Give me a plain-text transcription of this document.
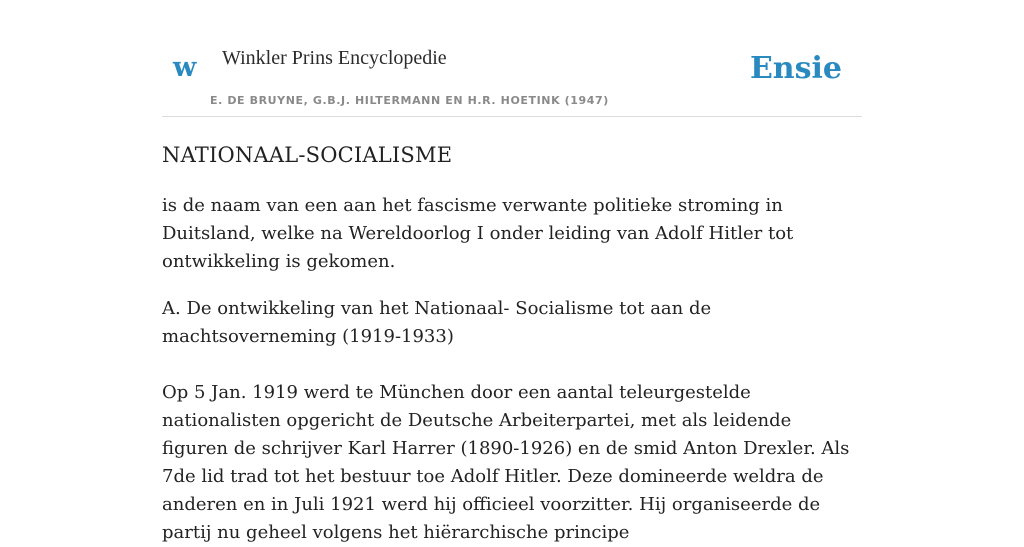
w Winkler Prins Encyclopedie
E. DE BRUYNE, G.B.J. HILTERMANN EN H.R. HOETINK (1947)
Ensie
NATIONAAL-SOCIALISME

is de naam van een aan het fascisme verwante politieke stroming in Duitsland, welke na Wereldoorlog I onder leiding van Adolf Hitler tot ontwikkeling is gekomen.

A. De ontwikkeling van het Nationaal- Socialisme tot aan de machtsoverneming (1919-1933)

Op 5 Jan. 1919 werd te München door een aantal teleurgestelde nationalisten opgericht de Deutsche Arbeiterpartei, met als leidende figuren de schrijver Karl Harrer (1890-1926) en de smid Anton Drexler. Als 7de lid trad tot het bestuur toe Adolf Hitler. Deze domineerde weldra de anderen en in Juli 1921 werd hij officieel voorzitter. Hij organiseerde de partij nu geheel volgens het hiërarchische principe
